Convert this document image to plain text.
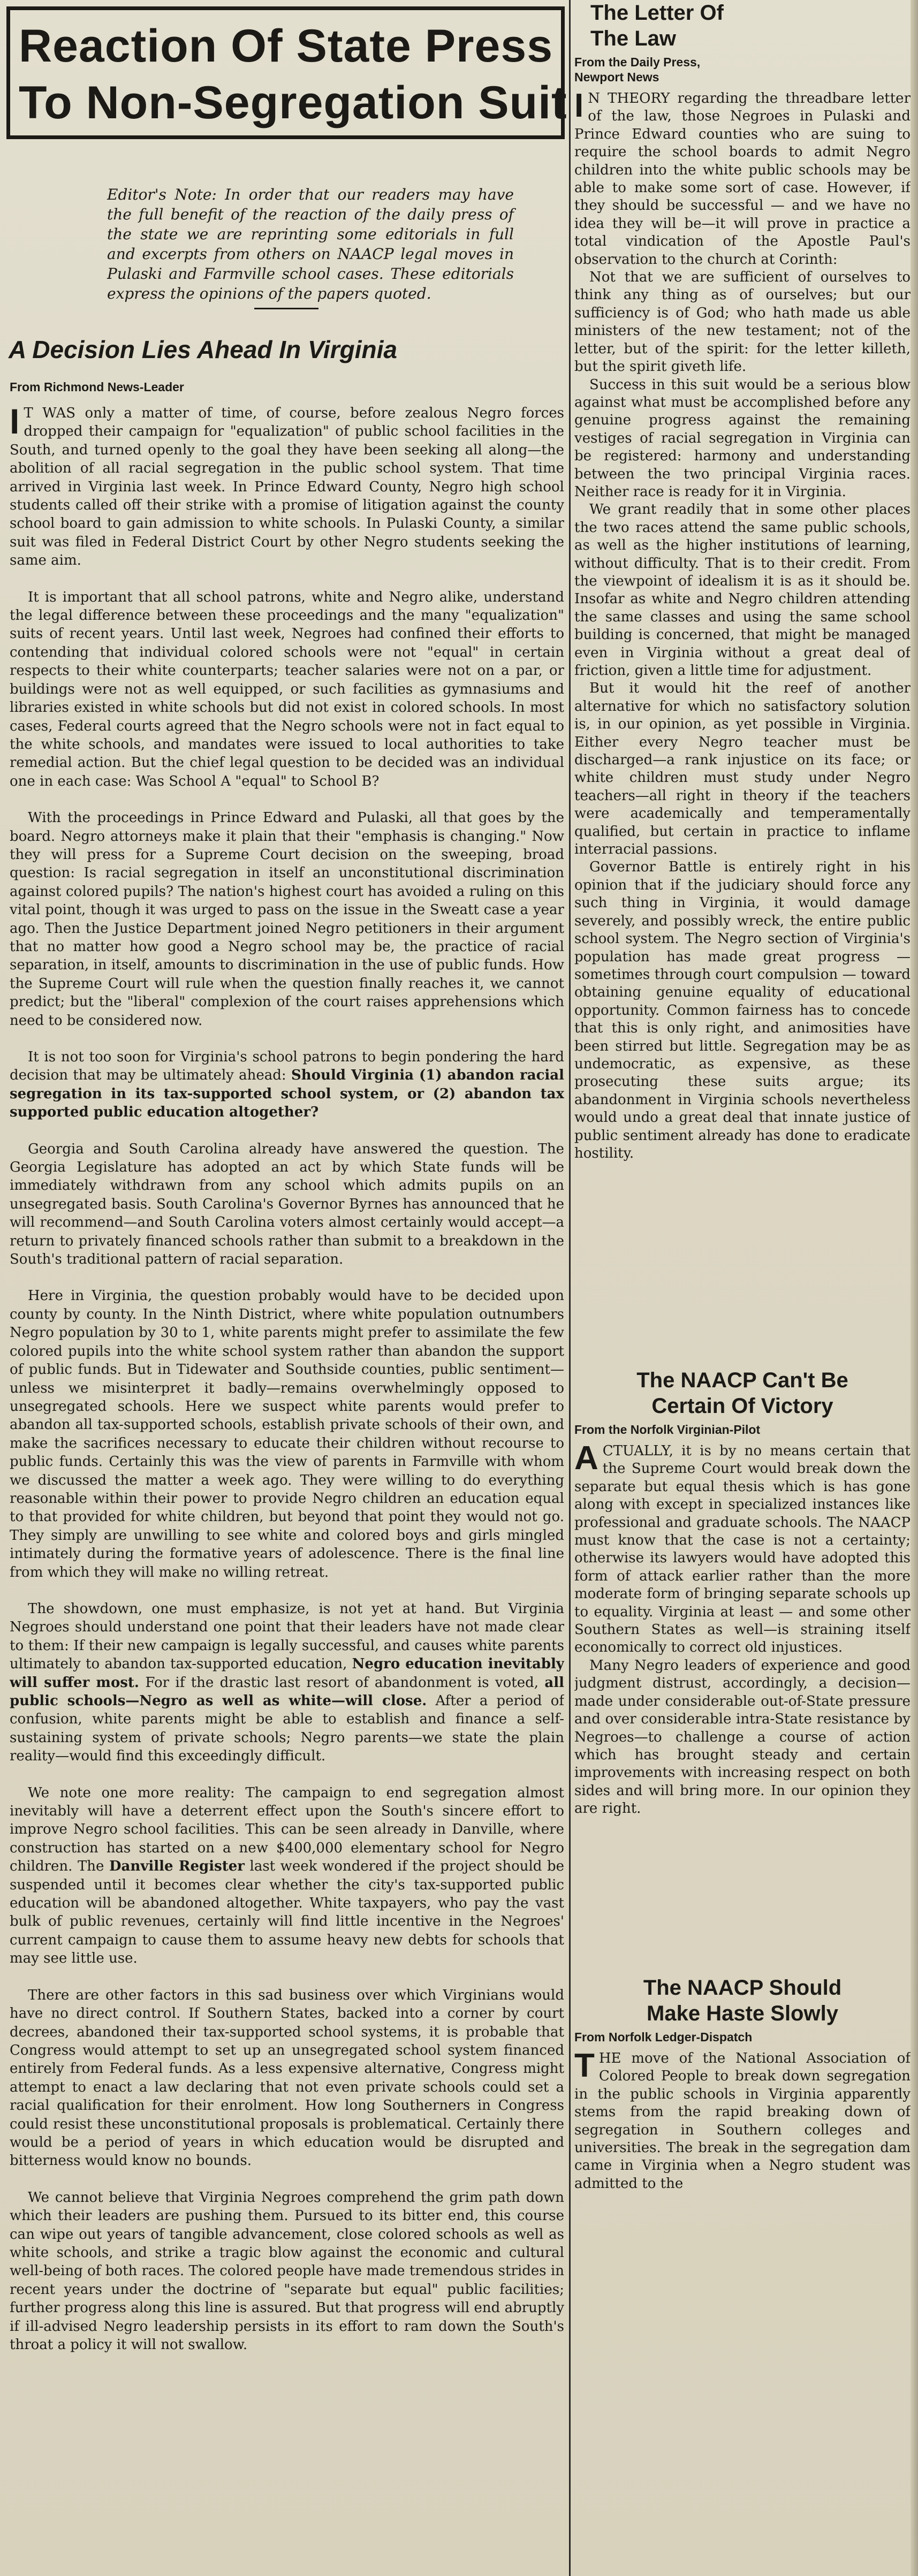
Reaction Of State Press
To Non-Segregation Suit
Editor's Note: In order that our readers may have the full benefit of the reaction of the daily press of the state we are reprinting some editorials in full and excerpts from others on NAACP legal moves in Pulaski and Farmville school cases. These editorials express the opinions of the papers quoted.
A Decision Lies Ahead In Virginia
From Richmond News-Leader

I T WAS only a matter of time, of course, before zealous Negro forces dropped their campaign for "equalization" of public school facilities in the South, and turned openly to the goal they have been seeking all along—the abolition of all racial segregation in the public school system. That time arrived in Virginia last week. In Prince Edward County, Negro high school students called off their strike with a promise of litigation against the county school board to gain admission to white schools. In Pulaski County, a similar suit was filed in Federal District Court by other Negro students seeking the same aim.

It is important that all school patrons, white and Negro alike, understand the legal difference between these proceedings and the many "equalization" suits of recent years. Until last week, Negroes had confined their efforts to contending that individual colored schools were not "equal" in certain respects to their white counterparts; teacher salaries were not on a par, or buildings were not as well equipped, or such facilities as gymnasiums and libraries existed in white schools but did not exist in colored schools. In most cases, Federal courts agreed that the Negro schools were not in fact equal to the white schools, and mandates were issued to local authorities to take remedial action. But the chief legal question to be decided was an individual one in each case: Was School A "equal" to School B?

With the proceedings in Prince Edward and Pulaski, all that goes by the board. Negro attorneys make it plain that their "emphasis is changing." Now they will press for a Supreme Court decision on the sweeping, broad question: Is racial segregation in itself an unconstitutional discrimination against colored pupils? The nation's highest court has avoided a ruling on this vital point, though it was urged to pass on the issue in the Sweatt case a year ago. Then the Justice Department joined Negro petitioners in their argument that no matter how good a Negro school may be, the practice of racial separation, in itself, amounts to discrimination in the use of public funds. How the Supreme Court will rule when the question finally reaches it, we cannot predict; but the "liberal" complexion of the court raises apprehensions which need to be considered now.

It is not too soon for Virginia's school patrons to begin pondering the hard decision that may be ultimately ahead: Should Virginia (1) abandon racial segregation in its tax-supported school system, or (2) abandon tax supported public education altogether?

Georgia and South Carolina already have answered the question. The Georgia Legislature has adopted an act by which State funds will be immediately withdrawn from any school which admits pupils on an unsegregated basis. South Carolina's Governor Byrnes has announced that he will recommend—and South Carolina voters almost certainly would accept—a return to privately financed schools rather than submit to a breakdown in the South's traditional pattern of racial separation.

Here in Virginia, the question probably would have to be decided upon county by county. In the Ninth District, where white population outnumbers Negro population by 30 to 1, white parents might prefer to assimilate the few colored pupils into the white school system rather than abandon the support of public funds. But in Tidewater and Southside counties, public sentiment—unless we misinterpret it badly—remains overwhelmingly opposed to unsegregated schools. Here we suspect white parents would prefer to abandon all tax-supported schools, establish private schools of their own, and make the sacrifices necessary to educate their children without recourse to public funds. Certainly this was the view of parents in Farmville with whom we discussed the matter a week ago. They were willing to do everything reasonable within their power to provide Negro children an education equal to that provided for white children, but beyond that point they would not go. They simply are unwilling to see white and colored boys and girls mingled intimately during the formative years of adolescence. There is the final line from which they will make no willing retreat.

The showdown, one must emphasize, is not yet at hand. But Virginia Negroes should understand one point that their leaders have not made clear to them: If their new campaign is legally successful, and causes white parents ultimately to abandon tax-supported education, Negro education inevitably will suffer most. For if the drastic last resort of abandonment is voted, all public schools—Negro as well as white—will close. After a period of confusion, white parents might be able to establish and finance a self-sustaining system of private schools; Negro parents—we state the plain reality—would find this exceedingly difficult.

We note one more reality: The campaign to end segregation almost inevitably will have a deterrent effect upon the South's sincere effort to improve Negro school facilities. This can be seen already in Danville, where construction has started on a new $400,000 elementary school for Negro children. The Danville Register last week wondered if the project should be suspended until it becomes clear whether the city's tax-supported public education will be abandoned altogether. White taxpayers, who pay the vast bulk of public revenues, certainly will find little incentive in the Negroes' current campaign to cause them to assume heavy new debts for schools that may see little use.

There are other factors in this sad business over which Virginians would have no direct control. If Southern States, backed into a corner by court decrees, abandoned their tax-supported school systems, it is probable that Congress would attempt to set up an unsegregated school system financed entirely from Federal funds. As a less expensive alternative, Congress might attempt to enact a law declaring that not even private schools could set a racial qualification for their enrolment. How long Southerners in Congress could resist these unconstitutional proposals is problematical. Certainly there would be a period of years in which education would be disrupted and bitterness would know no bounds.

We cannot believe that Virginia Negroes comprehend the grim path down which their leaders are pushing them. Pursued to its bitter end, this course can wipe out years of tangible advancement, close colored schools as well as white schools, and strike a tragic blow against the economic and cultural well-being of both races. The colored people have made tremendous strides in recent years under the doctrine of "separate but equal" public facilities; further progress along this line is assured. But that progress will end abruptly if ill-advised Negro leadership persists in its effort to ram down the South's throat a policy it will not swallow.

The Letter Of
The Law
From the Daily Press,
Newport News

I N THEORY regarding the threadbare letter of the law, those Negroes in Pulaski and Prince Edward counties who are suing to require the school boards to admit Negro children into the white public schools may be able to make some sort of case. However, if they should be successful — and we have no idea they will be—it will prove in practice a total vindication of the Apostle Paul's observation to the church at Corinth:

Not that we are sufficient of ourselves to think any thing as of ourselves; but our sufficiency is of God; who hath made us able ministers of the new testament; not of the letter, but of the spirit: for the letter killeth, but the spirit giveth life.

Success in this suit would be a serious blow against what must be accomplished before any genuine progress against the remaining vestiges of racial segregation in Virginia can be registered: harmony and understanding between the two principal Virginia races. Neither race is ready for it in Virginia.

We grant readily that in some other places the two races attend the same public schools, as well as the higher institutions of learning, without difficulty. That is to their credit. From the viewpoint of idealism it is as it should be. Insofar as white and Negro children attending the same classes and using the same school building is concerned, that might be managed even in Virginia without a great deal of friction, given a little time for adjustment.

But it would hit the reef of another alternative for which no satisfactory solution is, in our opinion, as yet possible in Virginia. Either every Negro teacher must be discharged—a rank injustice on its face; or white children must study under Negro teachers—all right in theory if the teachers were academically and temperamentally qualified, but certain in practice to inflame interracial passions.

Governor Battle is entirely right in his opinion that if the judiciary should force any such thing in Virginia, it would damage severely, and possibly wreck, the entire public school system. The Negro section of Virginia's population has made great progress — sometimes through court compulsion — toward obtaining genuine equality of educational opportunity. Common fairness has to concede that this is only right, and animosities have been stirred but little. Segregation may be as undemocratic, as expensive, as these prosecuting these suits argue; its abandonment in Virginia schools nevertheless would undo a great deal that innate justice of public sentiment already has done to eradicate hostility.

The NAACP Can't Be
Certain Of Victory
From the Norfolk Virginian-Pilot

ACTUALLY, it is by no means certain that the Supreme Court would break down the separate but equal thesis which is has gone along with except in specialized instances like professional and graduate schools. The NAACP must know that the case is not a certainty; otherwise its lawyers would have adopted this form of attack earlier rather than the more moderate form of bringing separate schools up to equality. Virginia at least — and some other Southern States as well—is straining itself economically to correct old injustices.

Many Negro leaders of experience and good judgment distrust, accordingly, a decision—made under considerable out-of-State pressure and over considerable intra-State resistance by Negroes—to challenge a course of action which has brought steady and certain improvements with increasing respect on both sides and will bring more. In our opinion they are right.

The NAACP Should
Make Haste Slowly
From Norfolk Ledger-Dispatch

THE move of the National Association of Colored People to break down segregation in the public schools in Virginia apparently stems from the rapid breaking down of segregation in Southern colleges and universities. The break in the segregation dam came in Virginia when a Negro student was admitted to the
